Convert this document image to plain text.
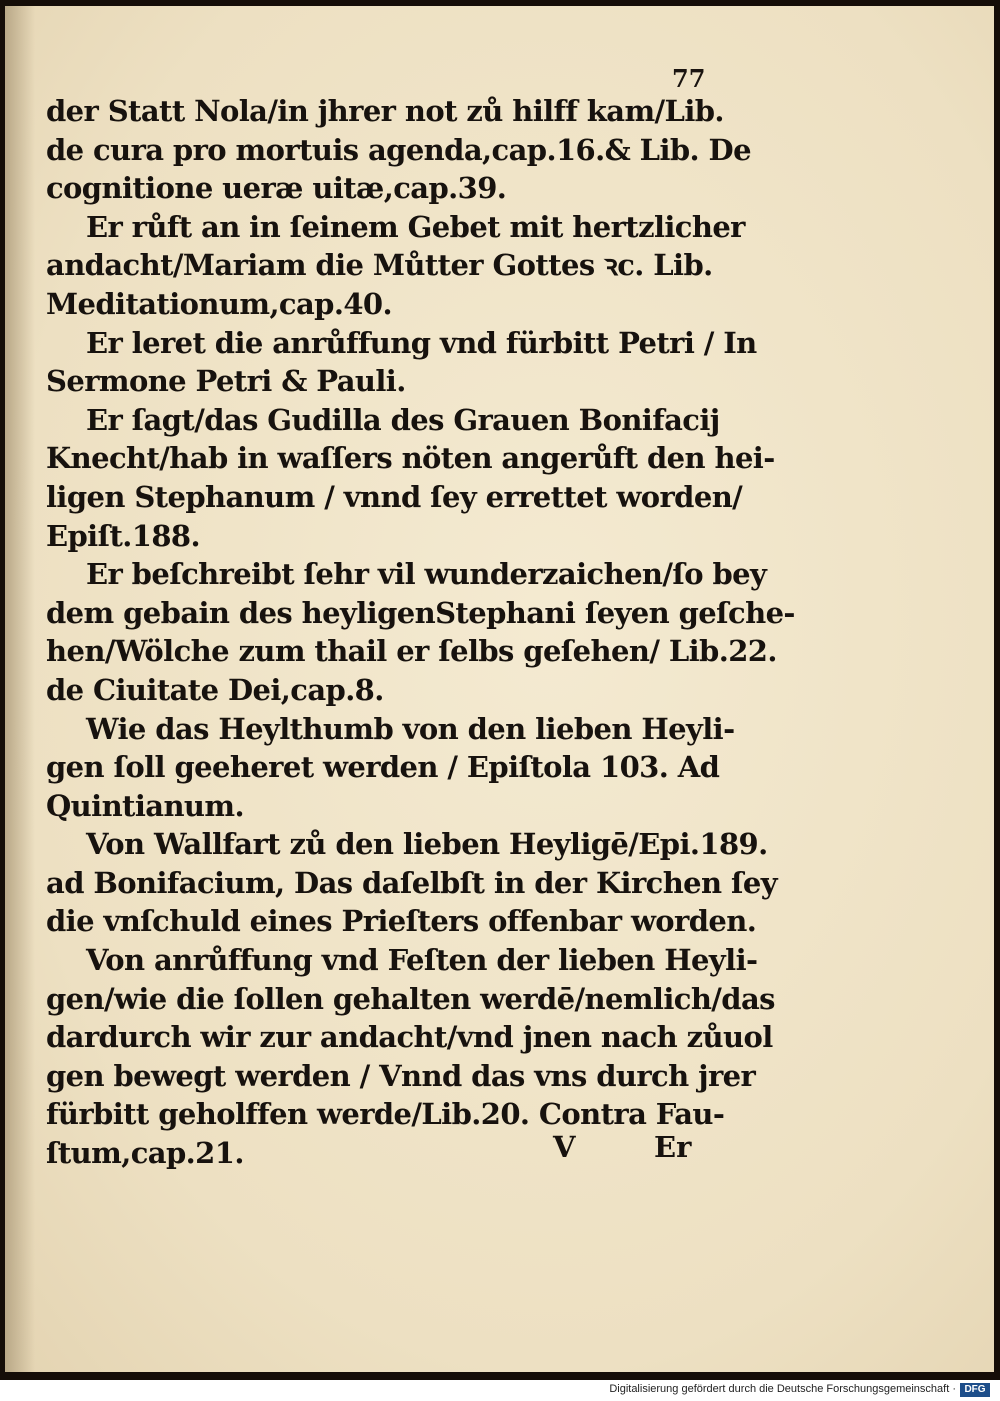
77
der Statt Nola/in jhrer not zů hilff kam/Lib.
de cura pro mortuis agenda,cap.16.& Lib. De
cognitione ueræ uitæ,cap.39.
Er růft an in ſeinem Gebet mit hertzlicher
andacht/Mariam die Můtter Gottes ꝛc. Lib.
Meditationum,cap.40.
Er leret die anrůffung vnd fürbitt Petri / In
Sermone Petri & Pauli.
Er ſagt/das Gudilla des Grauen Bonifacij
Knecht/hab in waſſers nöten angerůft den hei-
ligen Stephanum / vnnd ſey errettet worden/
Epiſt.188.
Er beſchreibt ſehr vil wunderzaichen/ſo bey
dem gebain des heyligenStephani ſeyen geſche-
hen/Wölche zum thail er ſelbs geſehen/ Lib.22.
de Ciuitate Dei,cap.8.
Wie das Heylthumb von den lieben Heyli-
gen ſoll geeheret werden / Epiſtola 103. Ad
Quintianum.
Von Wallfart zů den lieben Heyligē/Epi.189.
ad Bonifacium, Das daſelbſt in der Kirchen ſey
die vnſchuld eines Prieſters offenbar worden.
Von anrůffung vnd Feſten der lieben Heyli-
gen/wie die ſollen gehalten werdē/nemlich/das
dardurch wir zur andacht/vnd jnen nach zůuol
gen bewegt werden / Vnnd das vns durch jrer
fürbitt geholffen werde/Lib.20. Contra Fau-
ſtum,cap.21.	V	Er
Digitalisierung gefördert durch die Deutsche Forschungsgemeinschaft · DFG
